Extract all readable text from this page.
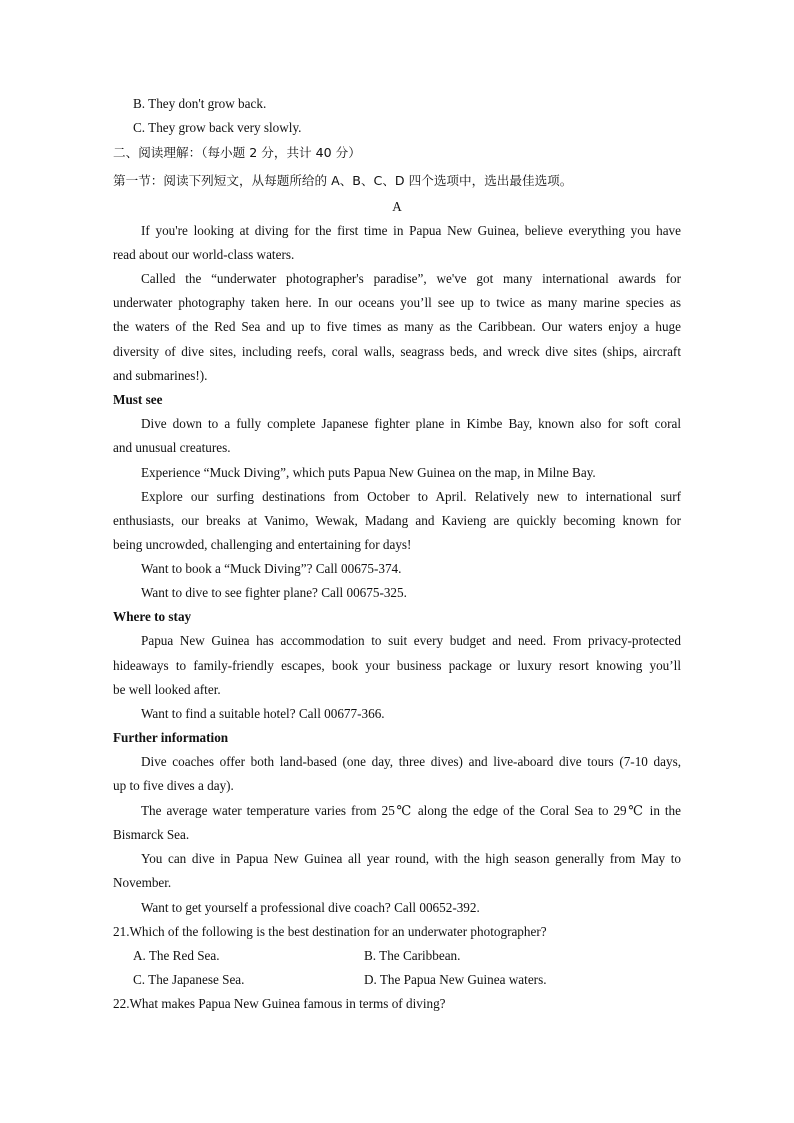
B. They don't grow back.
C. They grow back very slowly.
二、阅读理解：（每小题 2 分，共计 40 分）
第一节：阅读下列短文，从每题所给的 A、B、C、D 四个选项中，选出最佳选项。
A
If you're looking at diving for the first time in Papua New Guinea, believe everything you have
read about our world-class waters.
Called the “underwater photographer's paradise”, we've got many international awards for
underwater photography taken here. In our oceans you’ll see up to twice as many marine species as
the waters of the Red Sea and up to five times as many as the Caribbean. Our waters enjoy a huge
diversity of dive sites, including reefs, coral walls, seagrass beds, and wreck dive sites (ships, aircraft
and submarines!).
Must see
Dive down to a fully complete Japanese fighter plane in Kimbe Bay, known also for soft coral
and unusual creatures.
Experience “Muck Diving”, which puts Papua New Guinea on the map, in Milne Bay.
Explore our surfing destinations from October to April. Relatively new to international surf
enthusiasts, our breaks at Vanimo, Wewak, Madang and Kavieng are quickly becoming known for
being uncrowded, challenging and entertaining for days!
Want to book a “Muck Diving”? Call 00675-374.
Want to dive to see fighter plane? Call 00675-325.
Where to stay
Papua New Guinea has accommodation to suit every budget and need. From privacy-protected
hideaways to family-friendly escapes, book your business package or luxury resort knowing you’ll
be well looked after.
Want to find a suitable hotel? Call 00677-366.
Further information
Dive coaches offer both land-based (one day, three dives) and live-aboard dive tours (7-10 days,
up to five dives a day).
The average water temperature varies from 25℃ along the edge of the Coral Sea to 29℃ in the
Bismarck Sea.
You can dive in Papua New Guinea all year round, with the high season generally from May to
November.
Want to get yourself a professional dive coach? Call 00652-392.
21.Which of the following is the best destination for an underwater photographer?
A. The Red Sea.	B. The Caribbean.
C. The Japanese Sea.	D. The Papua New Guinea waters.
22.What makes Papua New Guinea famous in terms of diving?
